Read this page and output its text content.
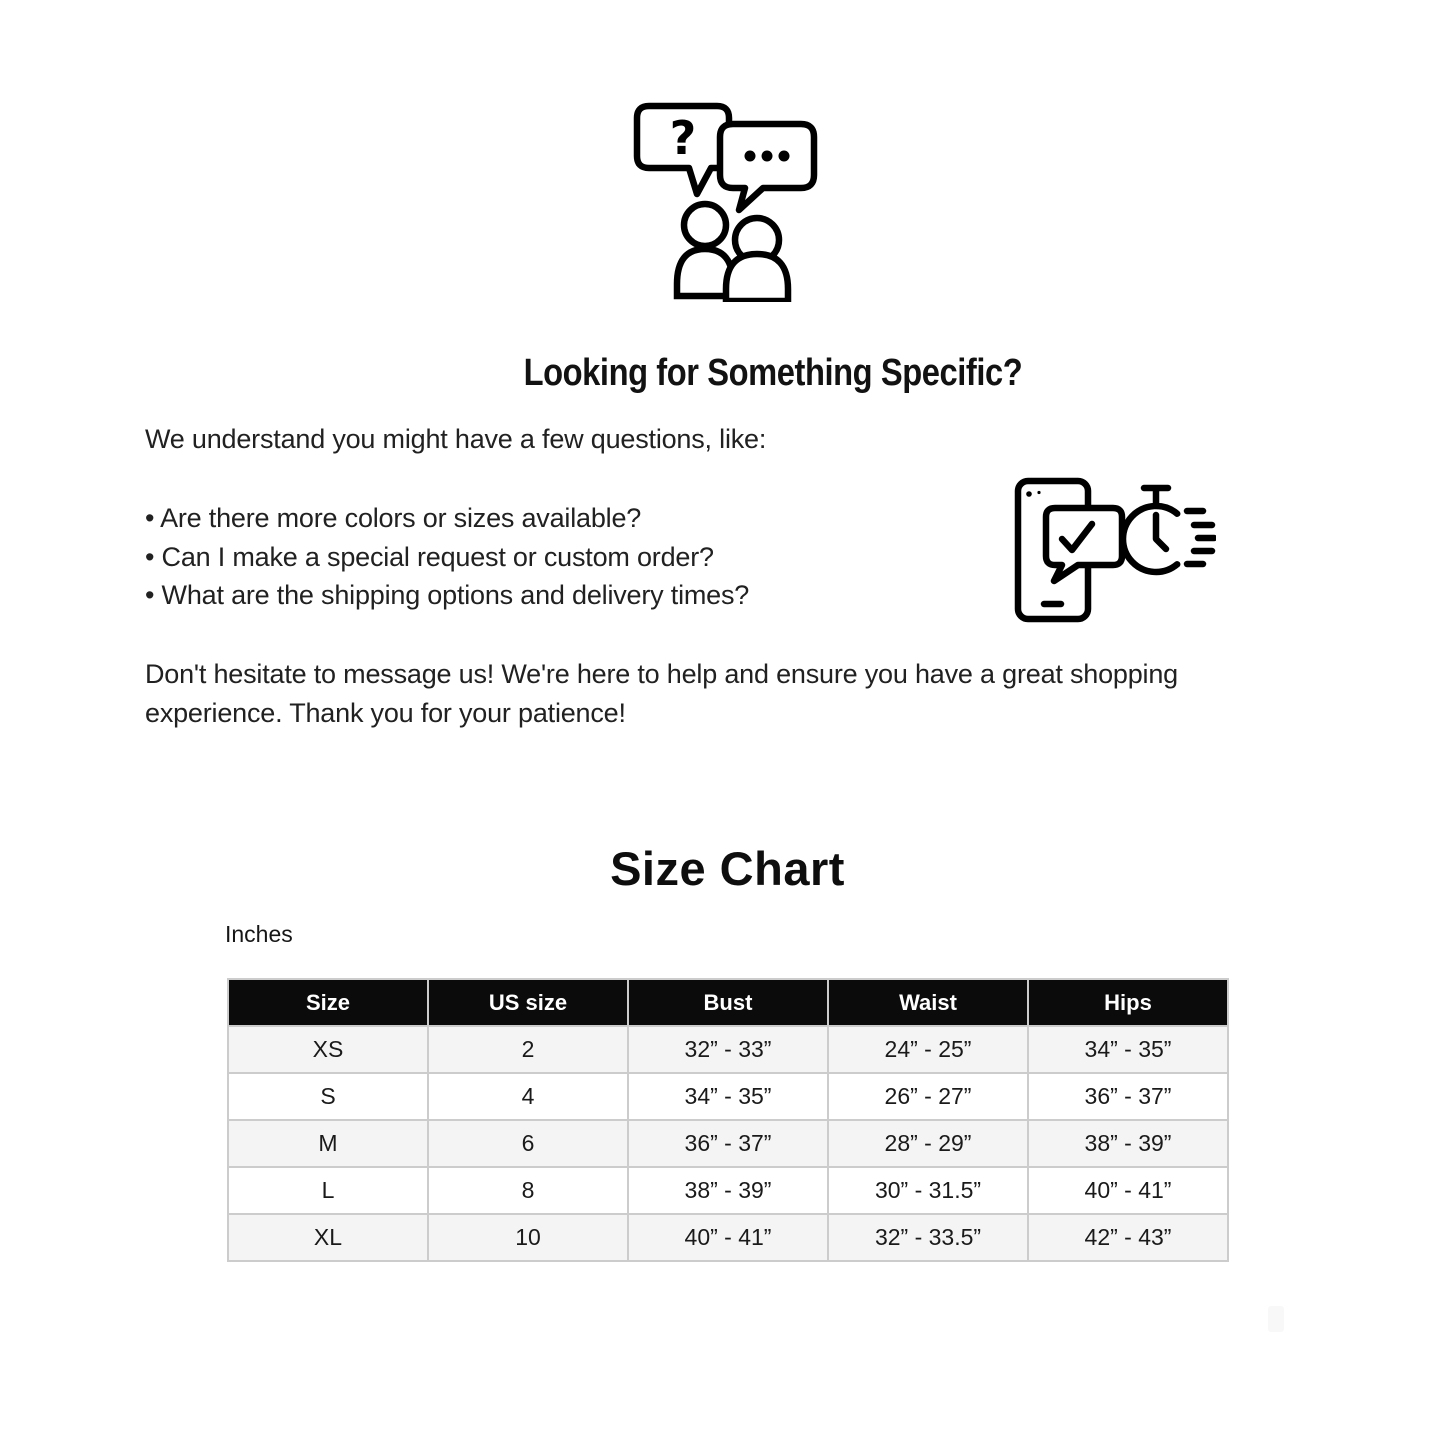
?
Looking for Something Specific?

We understand you might have a few questions, like:

• Are there more colors or sizes available?
• Can I make a special request or custom order?
• What are the shipping options and delivery times?

Don't hesitate to message us! We're here to help and ensure you have a great shopping experience. Thank you for your patience!

Size Chart
Inches
Size	US size	Bust	Waist	Hips
XS	2	32” - 33”	24” - 25”	34” - 35”
S	4	34” - 35”	26” - 27”	36” - 37”
M	6	36” - 37”	28” - 29”	38” - 39”
L	8	38” - 39”	30” - 31.5”	40” - 41”
XL	10	40” - 41”	32” - 33.5”	42” - 43”
